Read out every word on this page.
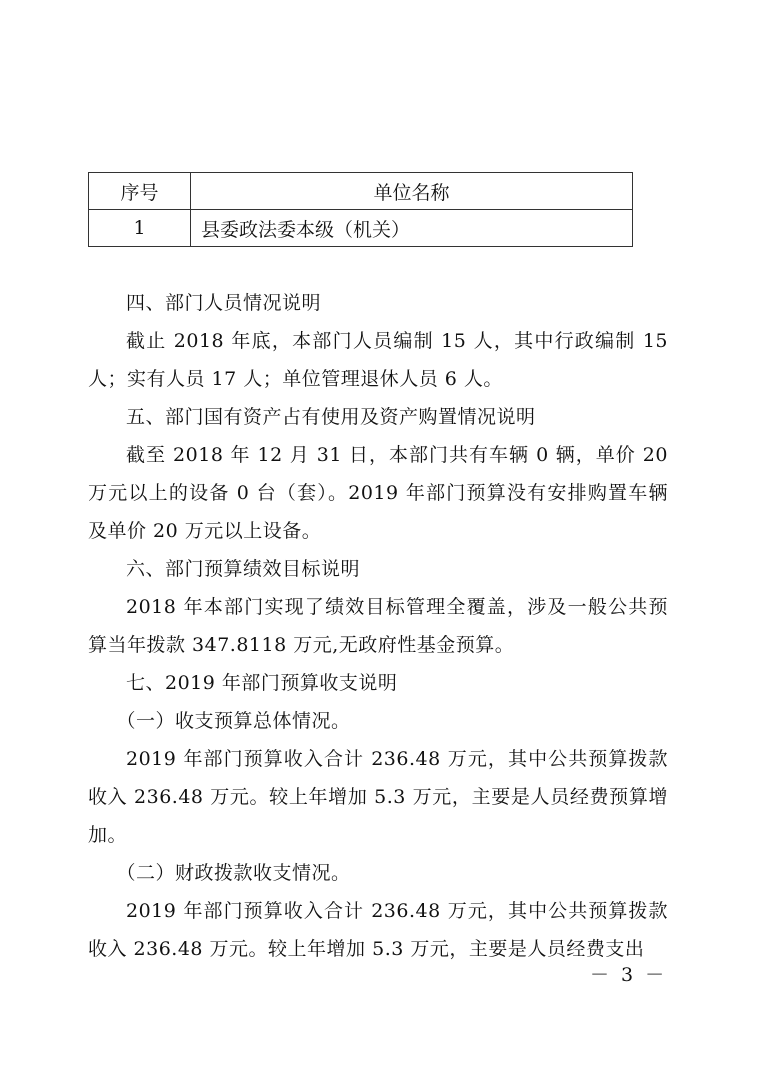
序号	单位名称
1	县委政法委本级（机关）

四、部门人员情况说明

截止 2018 年底，本部门人员编制 15 人，其中行政编制 15 人；实有人员 17 人；单位管理退休人员 6 人。

五、部门国有资产占有使用及资产购置情况说明

截至 2018 年 12 月 31 日，本部门共有车辆 0 辆，单价 20 万元以上的设备 0 台（套）。2019 年部门预算没有安排购置车辆及单价 20 万元以上设备。

六、部门预算绩效目标说明

2018 年本部门实现了绩效目标管理全覆盖，涉及一般公共预算当年拨款 347.8118 万元,无政府性基金预算。

七、2019 年部门预算收支说明

（一）收支预算总体情况。

2019 年部门预算收入合计 236.48 万元，其中公共预算拨款收入 236.48 万元。较上年增加 5.3 万元，主要是人员经费预算增加。

（二）财政拨款收支情况。

2019 年部门预算收入合计 236.48 万元，其中公共预算拨款收入 236.48 万元。较上年增加 5.3 万元，主要是人员经费支出

－ 3 －
